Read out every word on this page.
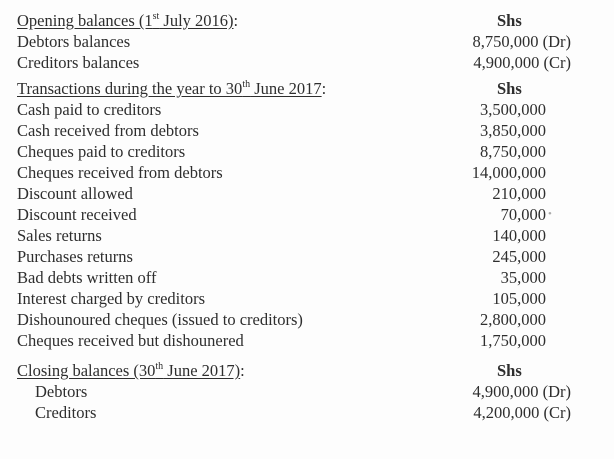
Opening balances (1st July 2016):	Shs
Debtors balances	8,750,000 (Dr)
Creditors balances	4,900,000 (Cr)
Transactions during the year to 30th June 2017:	Shs
Cash paid to creditors	3,500,000
Cash received from debtors	3,850,000
Cheques paid to creditors	8,750,000
Cheques received from debtors	14,000,000
Discount allowed	210,000
Discount received	70,000 •
Sales returns	140,000
Purchases returns	245,000
Bad debts written off	35,000
Interest charged by creditors	105,000
Dishounoured cheques (issued to creditors)	2,800,000
Cheques received but dishounered	1,750,000
Closing balances (30th June 2017):	Shs
Debtors	4,900,000 (Dr)
Creditors	4,200,000 (Cr)
